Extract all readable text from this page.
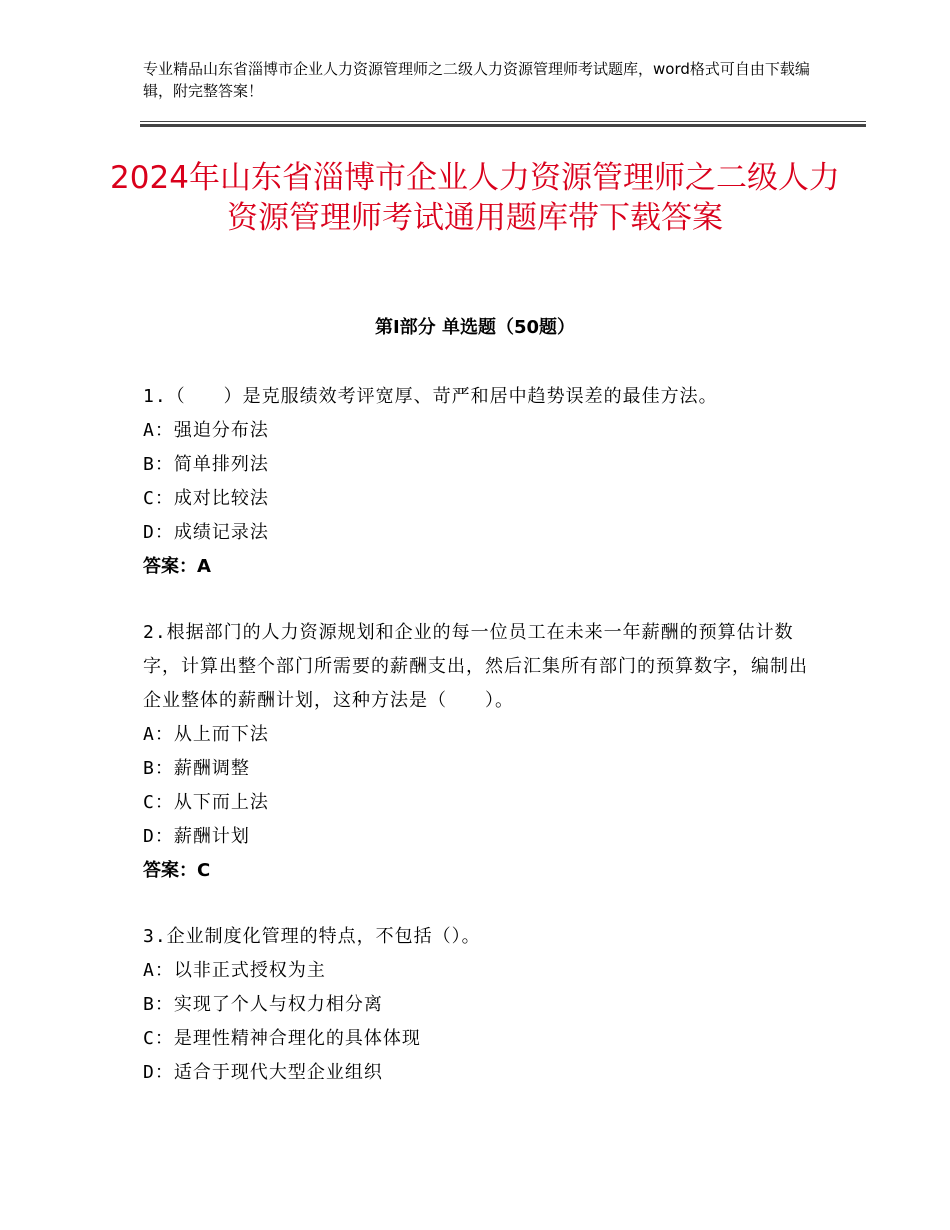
专业精品山东省淄博市企业人力资源管理师之二级人力资源管理师考试题库，word格式可自由下载编辑，附完整答案！
2024年山东省淄博市企业人力资源管理师之二级人力资源管理师考试通用题库带下载答案
第Ⅰ部分 单选题（50题）

1.（　　）是克服绩效考评宽厚、苛严和居中趋势误差的最佳方法。

A：强迫分布法

B：简单排列法

C：成对比较法

D：成绩记录法

答案：A

2.根据部门的人力资源规划和企业的每一位员工在未来一年薪酬的预算估计数字，计算出整个部门所需要的薪酬支出，然后汇集所有部门的预算数字，编制出企业整体的薪酬计划，这种方法是（　　）。

A：从上而下法

B：薪酬调整

C：从下而上法

D：薪酬计划

答案：C

3.企业制度化管理的特点，不包括（）。

A：以非正式授权为主

B：实现了个人与权力相分离

C：是理性精神合理化的具体体现

D：适合于现代大型企业组织
